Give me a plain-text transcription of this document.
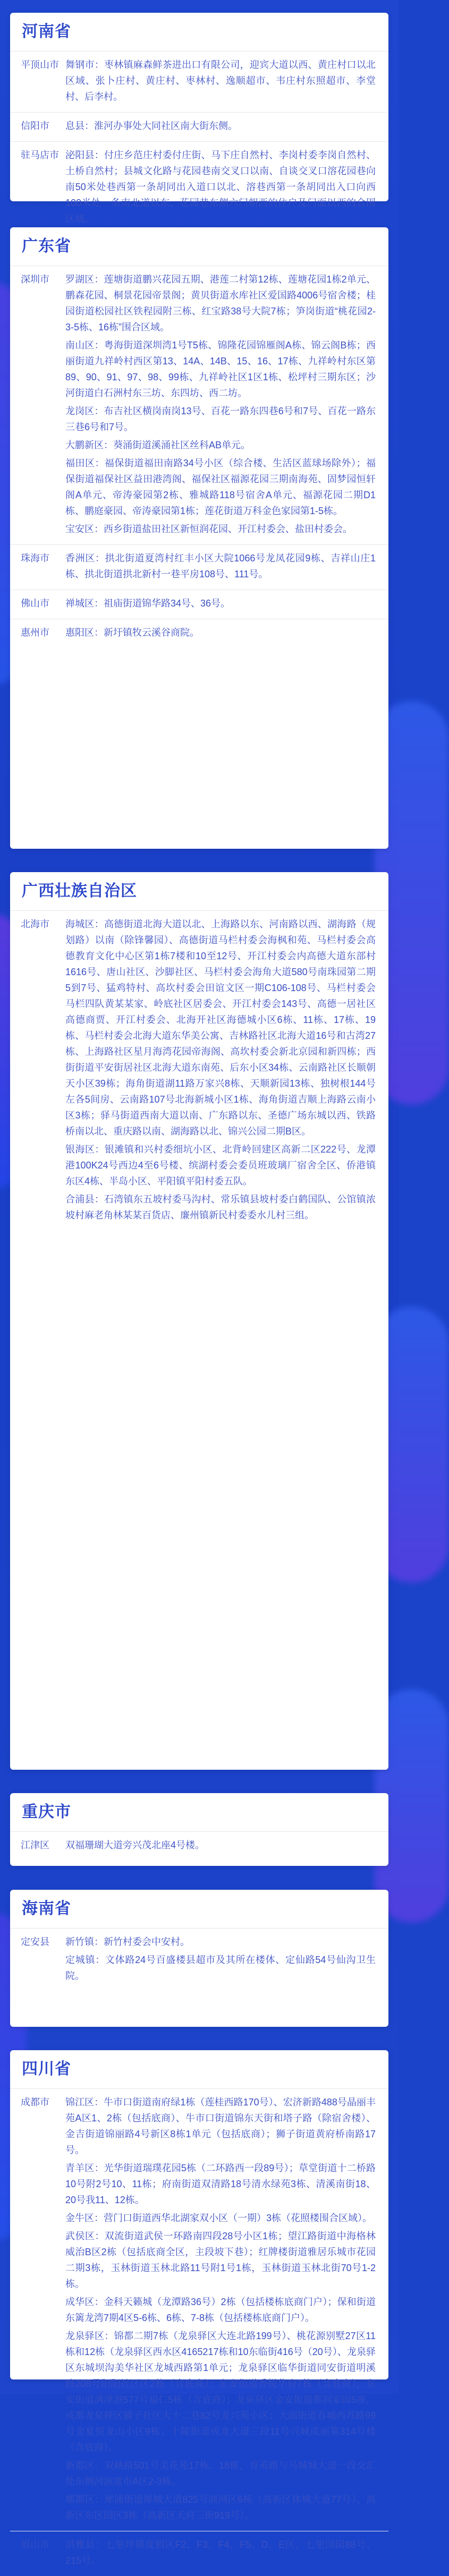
河南省
平顶山市 舞钢市：枣林镇麻森鲜茶进出口有限公司，迎宾大道以西、黄庄村口以北区域、张卜庄村、黄庄村、枣林村、逸顺超市、韦庄村东照超市、李堂村、后李村。
信阳市	息县：淮河办事处大同社区南大街东侧。
驻马店市 泌阳县：付庄乡范庄村委付庄街、马下庄自然村、李岗村委李岗自然村、土桥自然村；县城文化路与花园巷南交叉口以南、自谈交叉口溶花园巷向南50米处巷西第一条胡同出入道口以北、溶巷西第一条胡同出入口向西100米处一条南北道以东、花园巷东侧六门朝西的住户及门面以西的合围区域。
广东省
深圳市	罗湖区：莲塘街道鹏兴花园五期、港莲二村第12栋、莲塘花园1栋2单元、鹏森花园、桐景花园帝景阁；黄贝街道水库社区爱国路4006号宿舍楼；桂园街道松园社区铁程园附三栋、红宝路38号大院7栋；笋岗街道“桃花园2-3-5栋、16栋”围合区域。
南山区：粤海街道深圳湾1号T5栋、锦隆花园锦雁阁A栋、锦云阁B栋；西丽街道九祥岭村西区第13、14A、14B、15、16、17栋、九祥岭村东区第89、90、91、97、98、99栋、九祥岭社区1区1栋、松坪村三期东区；沙河街道白石洲村东三坊、东四坊、西二坊。
龙岗区：布吉社区横岗南岗13号、百花一路东四巷6号和7号、百花一路东三巷6号和7号。
大鹏新区：葵涌街道溪涌社区丝科AB单元。
福田区：福保街道福田南路34号小区（综合楼、生活区蓝球场除外）；福保街道福保社区益田港湾阁、福保社区福源花园三期南海苑、固梦园恒轩阁A单元、帝涛豪园第2栋、雅城路118号宿舍A单元、福源花园二期D1栋、鹏庭豪园、帝涛豪园第1栋；莲花街道万科金色家园第1-5栋。
宝安区：西乡街道盐田社区新恒润花园、开江村委会、盐田村委会。
珠海市	香洲区：拱北街道夏湾村红丰小区大院1066号龙凤花园9栋、吉祥山庄1栋、拱北街道拱北新村一巷平房108号、111号。
佛山市	禅城区：祖庙街道锦华路34号、36号。
惠州市	惠阳区：新圩镇牧云溪谷商院。
广西壮族自治区
北海市	海城区：高德街道北海大道以北、上海路以东、河南路以西、湖海路（规划路）以南（除锋馨园）、高德街道马栏村委会海枫和苑、马栏村委会高德教育文化中心区第1栋7楼和10至12号、开江村委会内高德大道东部村1616号、唐山社区、沙脚社区、马栏村委会海角大道580号南珠园第二期5到7号、猛鸡特村、高坎村委会田谊文区一期C106-108号、马栏村委会马栏四队黄某某家、岭底社区居委会、开江村委会143号、高德一居社区高德商贾、开江村委会、北海开社区海德城小区6栋、11栋、17栋、19栋、马栏村委会北海大道东华美公寓、吉林路社区北海大道16号和古湾27栋、上海路社区星月海湾花园帝海阁、高坎村委会新北京园和新四栋；西街街道平安街居社区北海大道东南苑、后东小区34栋、云南路社区长顺朝天小区39栋；海角街道湖11路万家兴8栋、天顺新园13栋、独树根144号左各5间房、云南路107号北海新城小区1栋、海角街道吉顺上海路云南小区3栋；驿马街道西南大道以南、广东路以东、圣德广场东城以西、铁路桥南以北、重庆路以南、湖海路以北、锦兴公园二期B区。
银海区：银滩镇和兴村委细坑小区、北背岭回建区高新二区222号、龙潭港100K24号西边4至6号楼、缤湖村委会委员班玻璃厂宿舍全区、侨港镇东区4栋、半岛小区、平阳镇平阳村委五队。
合浦县：石湾镇东五坡村委马沟村、常乐镇县坡村委白鹤国队、公馆镇浓坡村麻老角林某某百货店、廉州镇新民村委委水儿村三组。
重庆市
江津区	双福珊瑚大道旁兴茂北座4号楼。
海南省
定安县	新竹镇：新竹村委会中安村。
定城镇：文体路24号百盛楼县超市及其所在楼体、定仙路54号仙沟卫生院。
四川省
成都市	锦江区：牛市口街道南府绿1栋（莲桂西路170号）、宏济新路488号晶丽丰苑A区1、2栋（包括底商）、牛市口街道锦东天街和塔子路（除宿舍楼）、金吉街道锦丽路4号新区8栋1单元（包括底商）；狮子街道黄府桥南路17号。
青羊区：光华街道瑞璞花园5栋（二环路西一段89号）；草堂街道十二桥路10号附2号10、11栋；府南街道双清路18号清水绿苑3栋、清溪南街18、20号我11、12栋。
金牛区：营门口街道西华北湖家双小区（一期）3栋（花照楼围合区域）。
武侯区：双流街道武侯一环路南四段28号小区1栋；望江路街道中海格林威治B区2栋（包括底商全区，主段坡下巷）；红牌楼街道雅居乐城市花园二期3栋，玉林街道玉林北路11号附1号1栋，玉林街道玉林北街70号1-2栋。
成华区：金科天籁城（龙潭路36号）2栋（包括楼栋底商门户）；保和街道东篱龙湾7期4区5-6栋、6栋、7-8栋（包括楼栋底商门户）。
龙泉驿区：锦都二期7栋（龙泉驿区大连北路199号）、桃花源别墅27区11栋和12栋（龙泉驿区西水区4165217栋和10东临街416号（20号）、龙泉驿区东城坝沟美华社区龙城西路第1单元；龙泉驿区临华街道同安街道明溪路208号阳阳社区区2栋（含底商）；东安街道香悦华府7栋（含底商），东安街道满津港577号福仁5栋（含底商）；龙泉驿区金安街道都润家园5座，成都龙泉驿区铺子社区大十二巷82号龙兴苑小区；大面街道春城西苏路99号金夏悦龙山小区9栋；十陵街道成龙大道三段11号兴城成丽第314号楼（含底商）。
新都区：双峡路501号美花苑17栋、18栋，育英路与马城城大道一段交汇处东侧河滨宽市A区2-3栋。
郫都区：犀浦街道犀城大道825号商网区6栋（高新区体城大道77号）、高新区东区园区3栋（高新区天府三街919号）。
眉山市	洪雅县：七里坪镇度假区F2、F3、F4、F5、D、E区，七里国园88号、215号。
